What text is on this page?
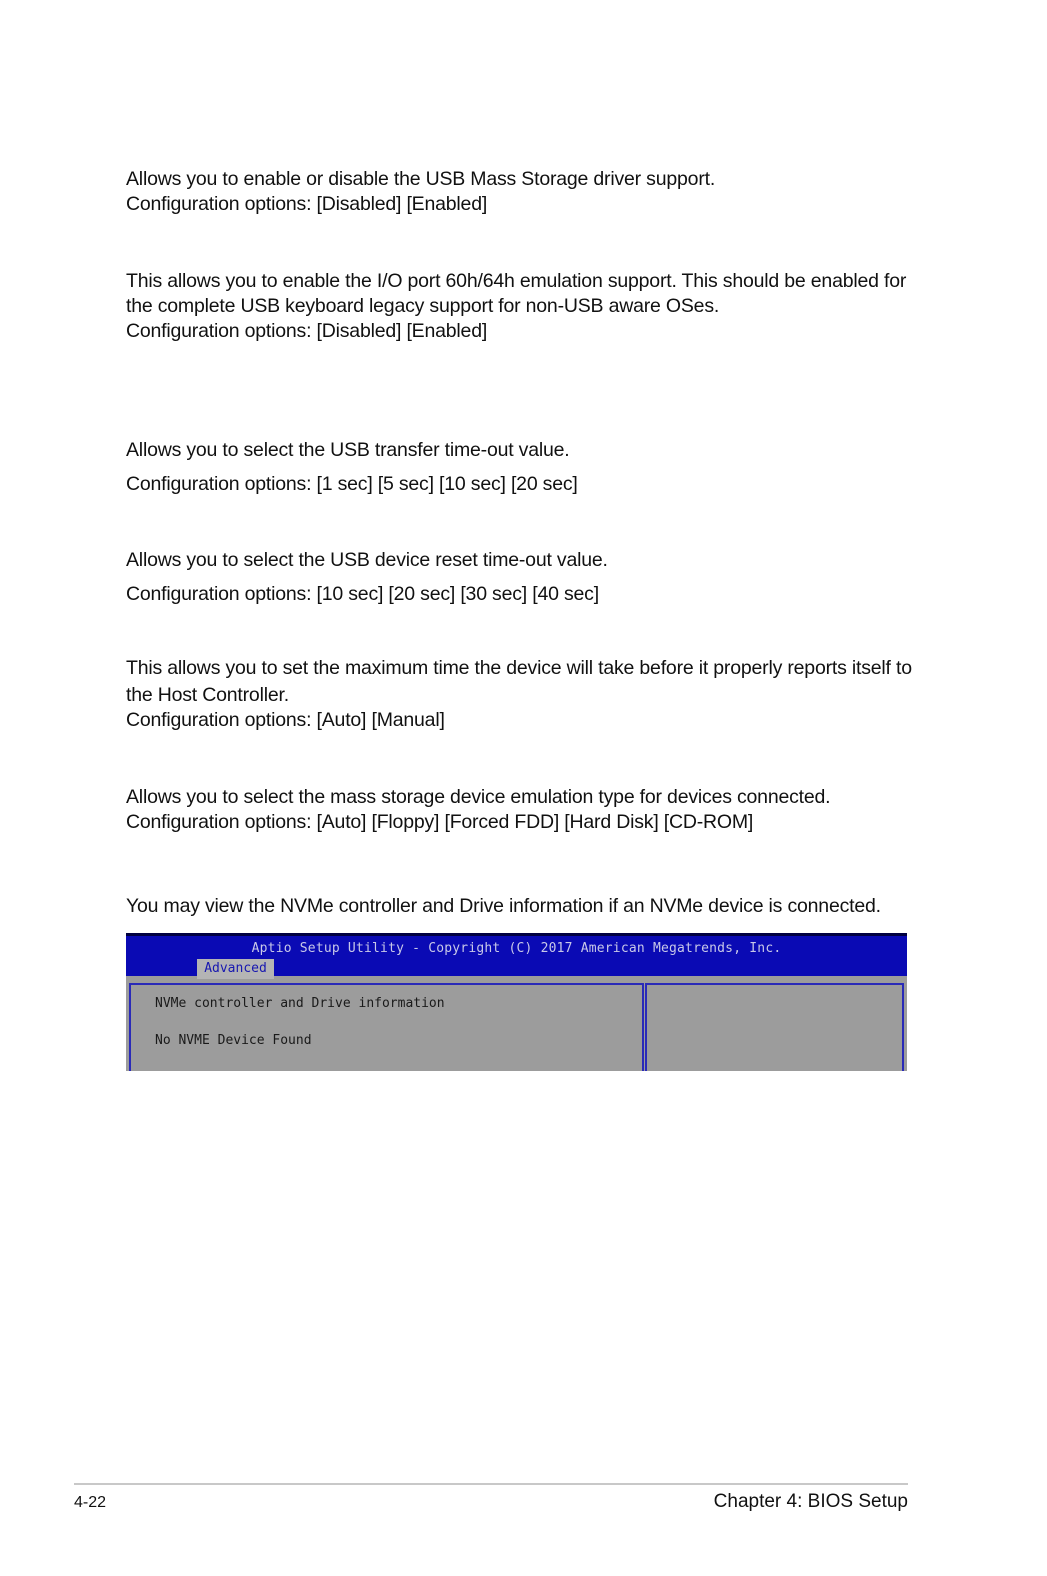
Allows you to enable or disable the USB Mass Storage driver support.
Configuration options: [Disabled] [Enabled]
This allows you to enable the I/O port 60h/64h emulation support. This should be enabled for
the complete USB keyboard legacy support for non-USB aware OSes.
Configuration options: [Disabled] [Enabled]
Allows you to select the USB transfer time-out value.
Configuration options: [1 sec] [5 sec] [10 sec] [20 sec]
Allows you to select the USB device reset time-out value.
Configuration options: [10 sec] [20 sec] [30 sec] [40 sec]
This allows you to set the maximum time the device will take before it properly reports itself to
the Host Controller.
Configuration options: [Auto] [Manual]
Allows you to select the mass storage device emulation type for devices connected.
Configuration options: [Auto] [Floppy] [Forced FDD] [Hard Disk] [CD-ROM]
You may view the NVMe controller and Drive information if an NVMe device is connected.
Aptio Setup Utility - Copyright (C) 2017 American Megatrends, Inc.
Advanced
NVMe controller and Drive information
No NVME Device Found
4-22	Chapter 4: BIOS Setup
